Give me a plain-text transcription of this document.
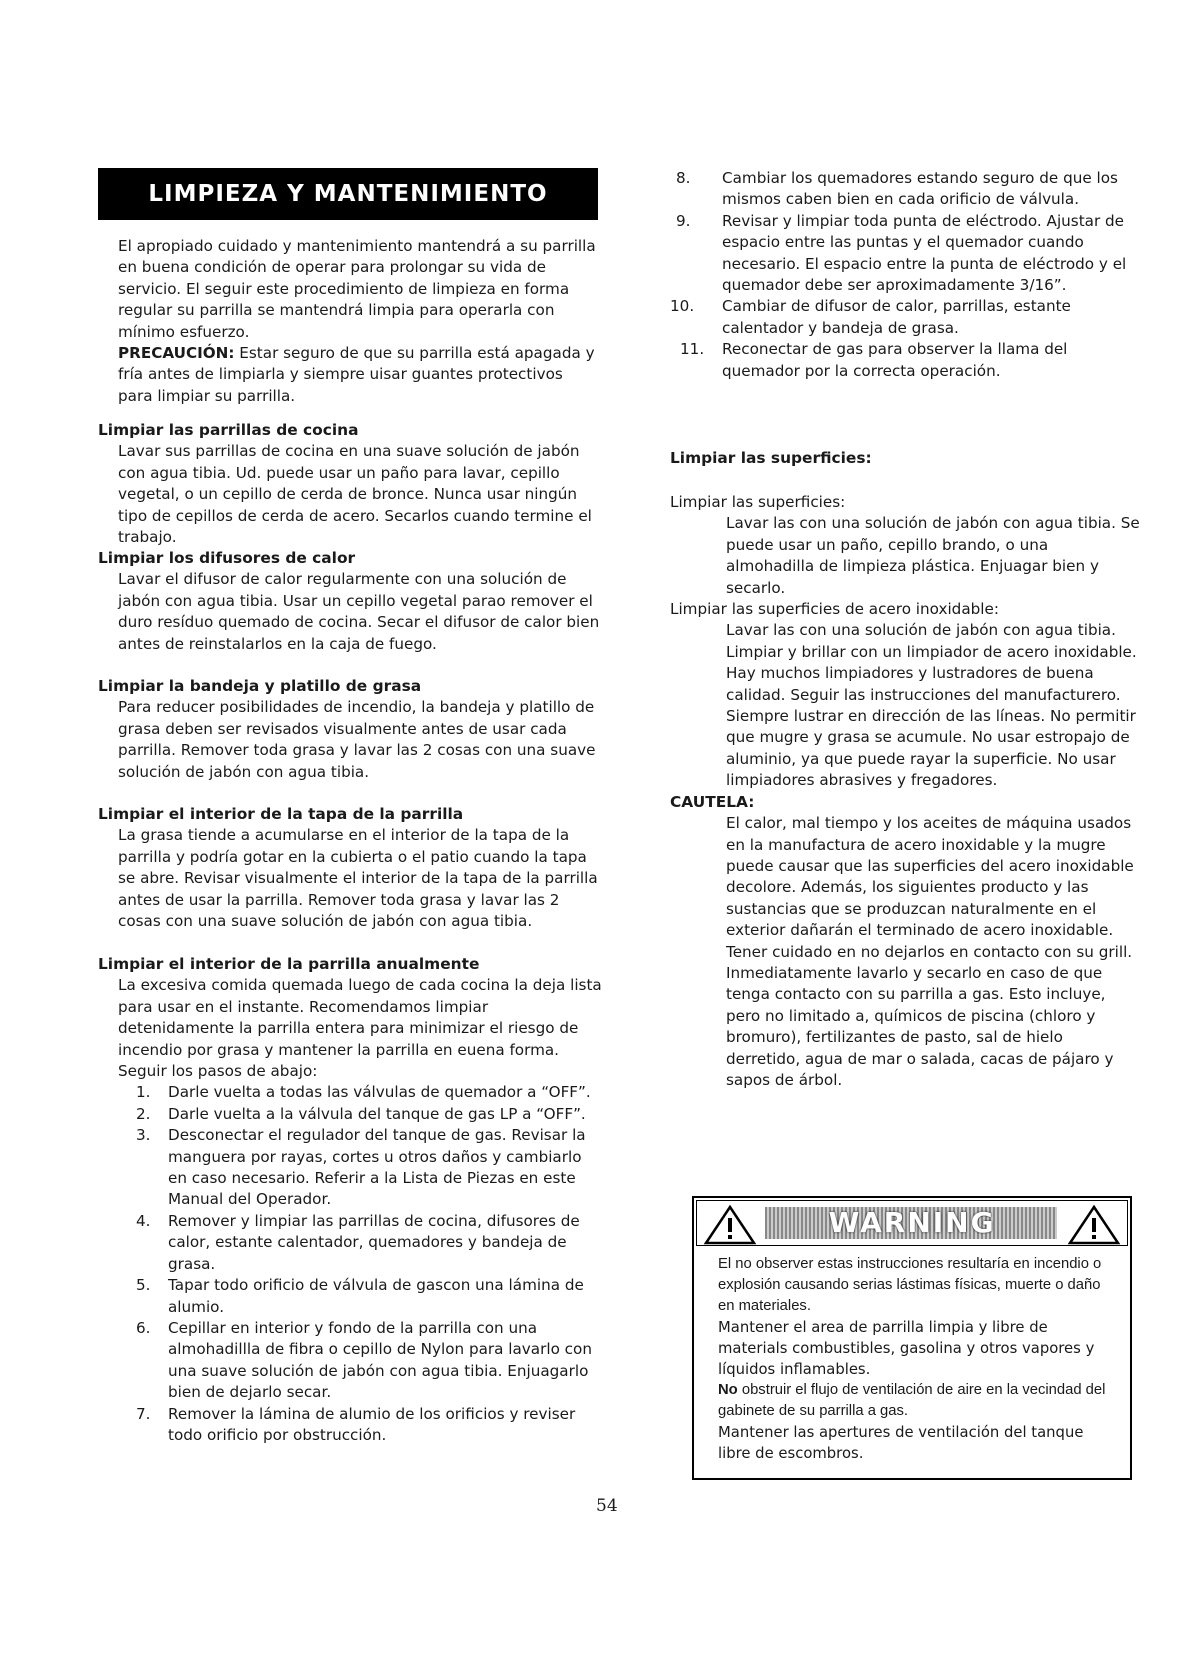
LIMPIEZA Y MANTENIMIENTO
El apropiado cuidado y mantenimiento mantendrá a su parrilla en buena condición de operar para prolongar su vida de servicio. El seguir este procedimiento de limpieza en forma regular su parrilla se mantendrá limpia para operarla con mínimo esfuerzo.
PRECAUCIÓN: Estar seguro de que su parrilla está apagada y fría antes de limpiarla y siempre uisar guantes protectivos para limpiar su parrilla.
Limpiar las parrillas de cocina
Lavar sus parrillas de cocina en una suave solución de jabón con agua tibia. Ud. puede usar un paño para lavar, cepillo vegetal, o un cepillo de cerda de bronce. Nunca usar ningún tipo de cepillos de cerda de acero. Secarlos cuando termine el trabajo.
Limpiar los difusores de calor
Lavar el difusor de calor regularmente con una solución de jabón con agua tibia. Usar un cepillo vegetal parao remover el duro resíduo quemado de cocina. Secar el difusor de calor bien antes de reinstalarlos en la caja de fuego.
Limpiar la bandeja y platillo de grasa
Para reducer posibilidades de incendio, la bandeja y platillo de grasa deben ser revisados visualmente antes de usar cada parrilla. Remover toda grasa y lavar las 2 cosas con una suave solución de jabón con agua tibia.
Limpiar el interior de la tapa de la parrilla
La grasa tiende a acumularse en el interior de la tapa de la parrilla y podría gotar en la cubierta o el patio cuando la tapa se abre. Revisar visualmente el interior de la tapa de la parrilla antes de usar la parrilla. Remover toda grasa y lavar las 2 cosas con una suave solución de jabón con agua tibia.
Limpiar el interior de la parrilla anualmente
La excesiva comida quemada luego de cada cocina la deja lista para usar en el instante. Recomendamos limpiar detenidamente la parrilla entera para minimizar el riesgo de incendio por grasa y mantener la parrilla en euena forma. Seguir los pasos de abajo:
1. Darle vuelta a todas las válvulas de quemador a “OFF”.
2. Darle vuelta a la válvula del tanque de gas LP a “OFF”.
3. Desconectar el regulador del tanque de gas. Revisar la manguera por rayas, cortes u otros daños y cambiarlo en caso necesario. Referir a la Lista de Piezas en este Manual del Operador.
4. Remover y limpiar las parrillas de cocina, difusores de calor, estante calentador, quemadores y bandeja de grasa.
5. Tapar todo orificio de válvula de gascon una lámina de alumio.
6. Cepillar en interior y fondo de la parrilla con una almohadillla de fibra o cepillo de Nylon para lavarlo con una suave solución de jabón con agua tibia. Enjuagarlo bien de dejarlo secar.
7. Remover la lámina de alumio de los orificios y reviser todo orificio por obstrucción.
8. Cambiar los quemadores estando seguro de que los mismos caben bien en cada orificio de válvula.
9. Revisar y limpiar toda punta de eléctrodo. Ajustar de espacio entre las puntas y el quemador cuando necesario. El espacio entre la punta de eléctrodo y el quemador debe ser aproximadamente 3/16”.
10. Cambiar de difusor de calor, parrillas, estante calentador y bandeja de grasa.
11. Reconectar de gas para observer la llama del quemador por la correcta operación.
Limpiar las superficies:
Limpiar las superficies:
Lavar las con una solución de jabón con agua tibia. Se puede usar un paño, cepillo brando, o una almohadilla de limpieza plástica. Enjuagar bien y secarlo.
Limpiar las superficies de acero inoxidable:
Lavar las con una solución de jabón con agua tibia. Limpiar y brillar con un limpiador de acero inoxidable. Hay muchos limpiadores y lustradores de buena calidad. Seguir las instrucciones del manufacturero. Siempre lustrar en dirección de las líneas. No permitir que mugre y grasa se acumule. No usar estropajo de aluminio, ya que puede rayar la superficie. No usar limpiadores abrasives y fregadores.
CAUTELA:
El calor, mal tiempo y los aceites de máquina usados en la manufactura de acero inoxidable y la mugre puede causar que las superficies del acero inoxidable decolore. Además, los siguientes producto y las sustancias que se produzcan naturalmente en el exterior dañarán el terminado de acero inoxidable. Tener cuidado en no dejarlos en contacto con su grill. Inmediatamente lavarlo y secarlo en caso de que tenga contacto con su parrilla a gas. Esto incluye, pero no limitado a, químicos de piscina (chloro y bromuro), fertilizantes de pasto, sal de hielo derretido, agua de mar o salada, cacas de pájaro y sapos de árbol.
WARNING
El no observer estas instrucciones resultaría en incendio o explosión causando serias lástimas físicas, muerte o daño en materiales.
Mantener el area de parrilla limpia y libre de materials combustibles, gasolina y otros vapores y líquidos inflamables.
No obstruir el flujo de ventilación de aire en la vecindad del gabinete de su parrilla a gas.
Mantener las apertures de ventilación del tanque libre de escombros.
54
